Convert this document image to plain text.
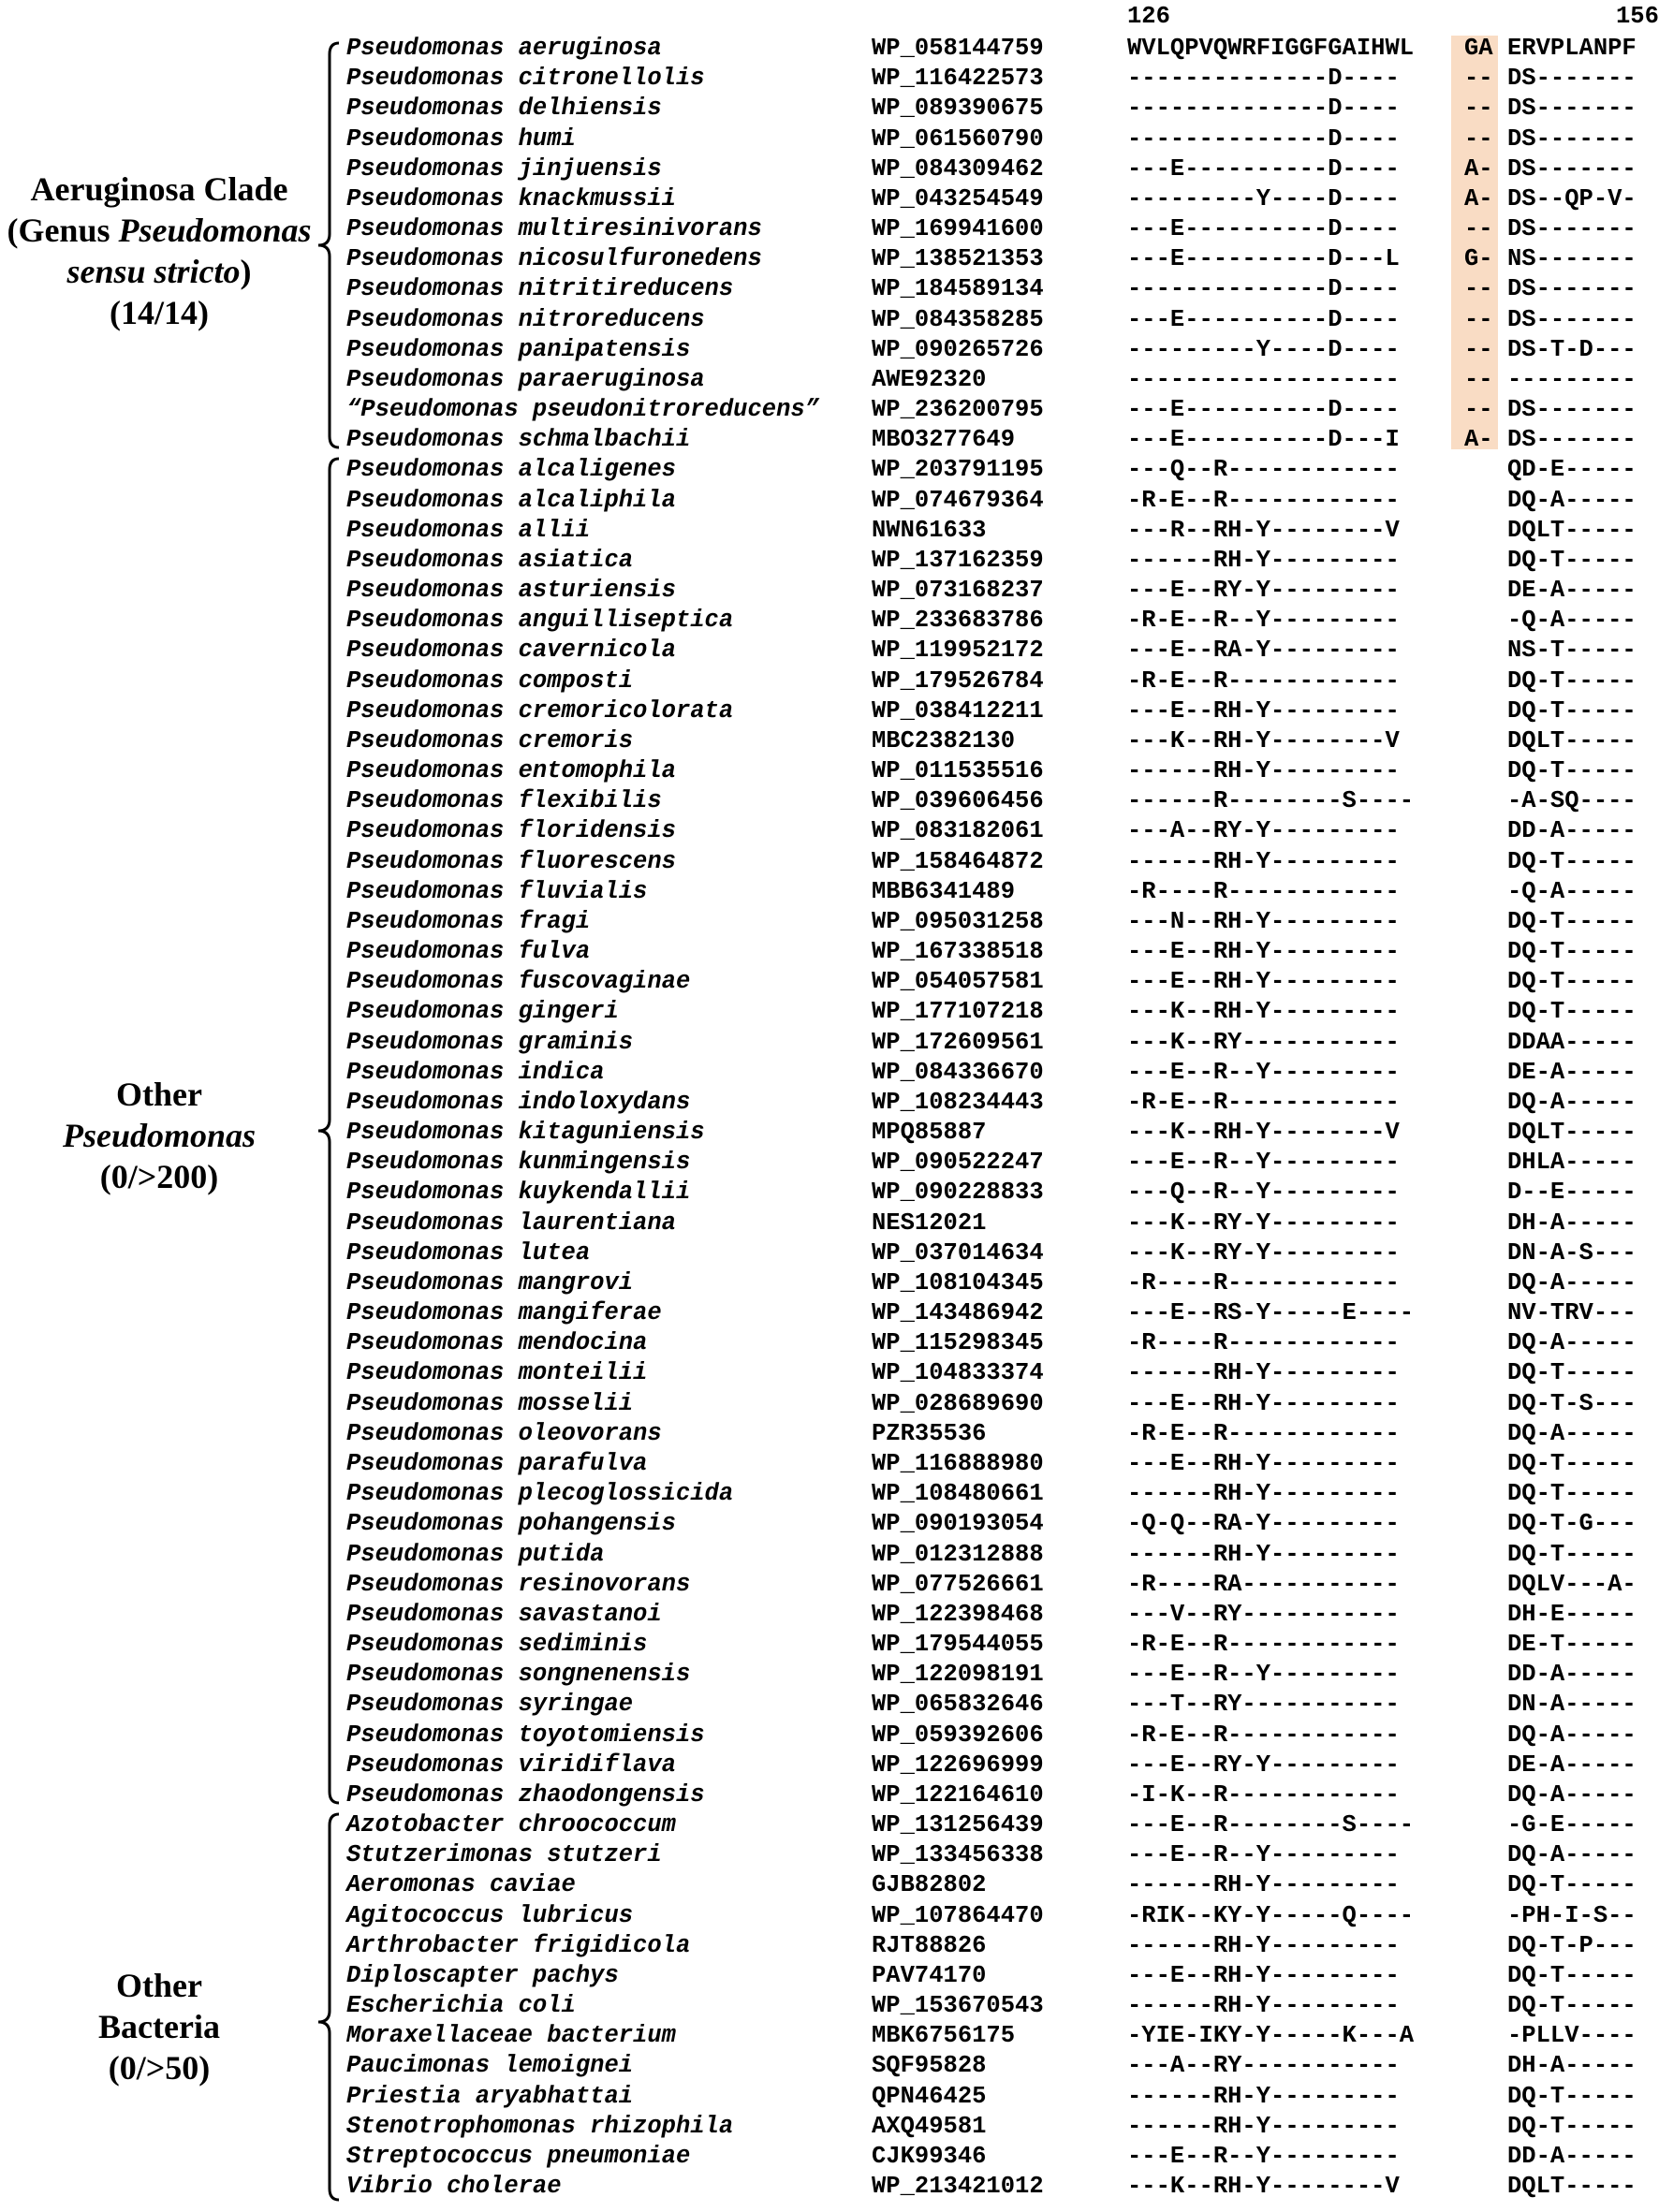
126	156
Aeruginosa Clade
(Genus Pseudomonas
sensu stricto)
(14/14)
Other
Pseudomonas
(0/>200)
Other
Bacteria
(0/>50)
Pseudomonas aeruginosa	WP_058144759	WVLQPVQWRFIGGFGAIHWL GA ERVPLANPF
Pseudomonas citronellolis	WP_116422573	--------------D----	-- DS-------
Pseudomonas delhiensis	WP_089390675	--------------D----	-- DS-------
Pseudomonas humi	WP_061560790	--------------D----	-- DS-------
Pseudomonas jinjuensis	WP_084309462	---E----------D----	A- DS-------
Pseudomonas knackmussii	WP_043254549	---------Y----D----	A- DS--QP-V-
Pseudomonas multiresinivorans	WP_169941600	---E----------D----	-- DS-------
Pseudomonas nicosulfuronedens	WP_138521353	---E----------D---L	G- NS-------
Pseudomonas nitritireducens	WP_184589134	--------------D----	-- DS-------
Pseudomonas nitroreducens	WP_084358285	---E----------D----	-- DS-------
Pseudomonas panipatensis	WP_090265726	---------Y----D----	-- DS-T-D---
Pseudomonas paraeruginosa	AWE92320	-------------------	-- ---------
“Pseudomonas pseudonitroreducens” WP_236200795	---E----------D----	-- DS-------
Pseudomonas schmalbachii	MBO3277649	---E----------D---I	A- DS-------
Pseudomonas alcaligenes	WP_203791195	---Q--R------------	QD-E-----
Pseudomonas alcaliphila	WP_074679364	-R-E--R------------	DQ-A-----
Pseudomonas allii	NWN61633	---R--RH-Y--------V	DQLT-----
Pseudomonas asiatica	WP_137162359	------RH-Y---------	DQ-T-----
Pseudomonas asturiensis	WP_073168237	---E--RY-Y---------	DE-A-----
Pseudomonas anguilliseptica	WP_233683786	-R-E--R--Y---------	-Q-A-----
Pseudomonas cavernicola	WP_119952172	---E--RA-Y---------	NS-T-----
Pseudomonas composti	WP_179526784	-R-E--R------------	DQ-T-----
Pseudomonas cremoricolorata	WP_038412211	---E--RH-Y---------	DQ-T-----
Pseudomonas cremoris	MBC2382130	---K--RH-Y--------V	DQLT-----
Pseudomonas entomophila	WP_011535516	------RH-Y---------	DQ-T-----
Pseudomonas flexibilis	WP_039606456	------R--------S----	-A-SQ----
Pseudomonas floridensis	WP_083182061	---A--RY-Y---------	DD-A-----
Pseudomonas fluorescens	WP_158464872	------RH-Y---------	DQ-T-----
Pseudomonas fluvialis	MBB6341489	-R----R------------	-Q-A-----
Pseudomonas fragi	WP_095031258	---N--RH-Y---------	DQ-T-----
Pseudomonas fulva	WP_167338518	---E--RH-Y---------	DQ-T-----
Pseudomonas fuscovaginae	WP_054057581	---E--RH-Y---------	DQ-T-----
Pseudomonas gingeri	WP_177107218	---K--RH-Y---------	DQ-T-----
Pseudomonas graminis	WP_172609561	---K--RY-----------	DDAA-----
Pseudomonas indica	WP_084336670	---E--R--Y---------	DE-A-----
Pseudomonas indoloxydans	WP_108234443	-R-E--R------------	DQ-A-----
Pseudomonas kitaguniensis	MPQ85887	---K--RH-Y--------V	DQLT-----
Pseudomonas kunmingensis	WP_090522247	---E--R--Y---------	DHLA-----
Pseudomonas kuykendallii	WP_090228833	---Q--R--Y---------	D--E-----
Pseudomonas laurentiana	NES12021	---K--RY-Y---------	DH-A-----
Pseudomonas lutea	WP_037014634	---K--RY-Y---------	DN-A-S---
Pseudomonas mangrovi	WP_108104345	-R----R------------	DQ-A-----
Pseudomonas mangiferae	WP_143486942	---E--RS-Y-----E----	NV-TRV---
Pseudomonas mendocina	WP_115298345	-R----R------------	DQ-A-----
Pseudomonas monteilii	WP_104833374	------RH-Y---------	DQ-T-----
Pseudomonas mosselii	WP_028689690	---E--RH-Y---------	DQ-T-S---
Pseudomonas oleovorans	PZR35536	-R-E--R------------	DQ-A-----
Pseudomonas parafulva	WP_116888980	---E--RH-Y---------	DQ-T-----
Pseudomonas plecoglossicida	WP_108480661	------RH-Y---------	DQ-T-----
Pseudomonas pohangensis	WP_090193054	-Q-Q--RA-Y---------	DQ-T-G---
Pseudomonas putida	WP_012312888	------RH-Y---------	DQ-T-----
Pseudomonas resinovorans	WP_077526661	-R----RA-----------	DQLV---A-
Pseudomonas savastanoi	WP_122398468	---V--RY-----------	DH-E-----
Pseudomonas sediminis	WP_179544055	-R-E--R------------	DE-T-----
Pseudomonas songnenensis	WP_122098191	---E--R--Y---------	DD-A-----
Pseudomonas syringae	WP_065832646	---T--RY-----------	DN-A-----
Pseudomonas toyotomiensis	WP_059392606	-R-E--R------------	DQ-A-----
Pseudomonas viridiflava	WP_122696999	---E--RY-Y---------	DE-A-----
Pseudomonas zhaodongensis	WP_122164610	-I-K--R------------	DQ-A-----
Azotobacter chroococcum	WP_131256439	---E--R--------S----	-G-E-----
Stutzerimonas stutzeri	WP_133456338	---E--R--Y---------	DQ-A-----
Aeromonas caviae	GJB82802	------RH-Y---------	DQ-T-----
Agitococcus lubricus	WP_107864470	-RIK--KY-Y-----Q----	-PH-I-S--
Arthrobacter frigidicola	RJT88826	------RH-Y---------	DQ-T-P---
Diploscapter pachys	PAV74170	---E--RH-Y---------	DQ-T-----
Escherichia coli	WP_153670543	------RH-Y---------	DQ-T-----
Moraxellaceae bacterium	MBK6756175	-YIE-IKY-Y-----K---A	-PLLV----
Paucimonas lemoignei	SQF95828	---A--RY-----------	DH-A-----
Priestia aryabhattai	QPN46425	------RH-Y---------	DQ-T-----
Stenotrophomonas rhizophila	AXQ49581	------RH-Y---------	DQ-T-----
Streptococcus pneumoniae	CJK99346	---E--R--Y---------	DD-A-----
Vibrio cholerae	WP_213421012	---K--RH-Y--------V	DQLT-----
